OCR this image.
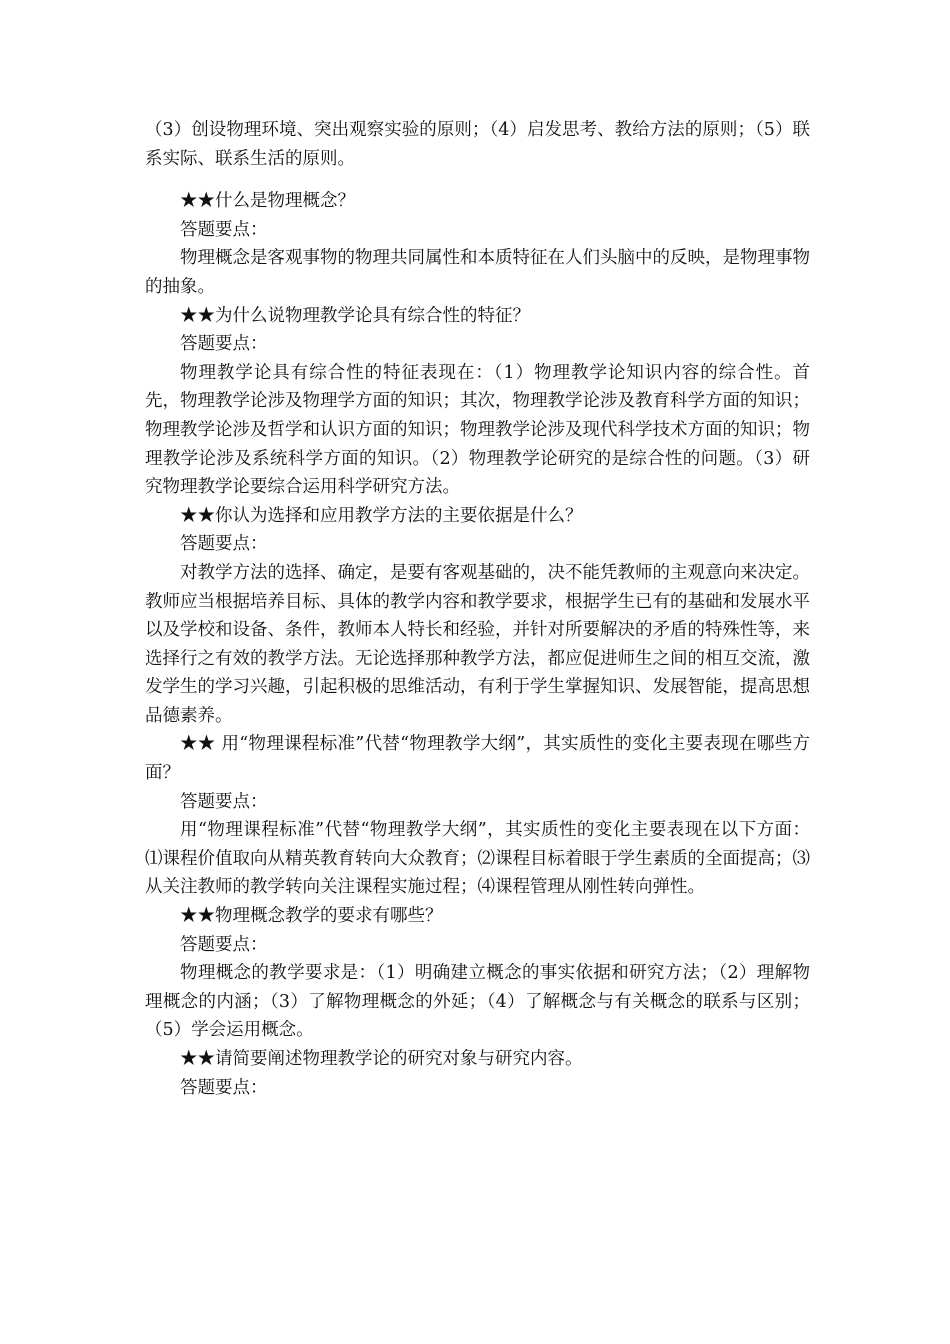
（3）创设物理环境、突出观察实验的原则；（4）启发思考、教给方法的原则；（5）联系实际、联系生活的原则。

★★什么是物理概念？

答题要点：

物理概念是客观事物的物理共同属性和本质特征在人们头脑中的反映，是物理事物的抽象。

★★为什么说物理教学论具有综合性的特征？

答题要点：

物理教学论具有综合性的特征表现在：（1）物理教学论知识内容的综合性。首先，物理教学论涉及物理学方面的知识；其次，物理教学论涉及教育科学方面的知识；物理教学论涉及哲学和认识方面的知识；物理教学论涉及现代科学技术方面的知识；物理教学论涉及系统科学方面的知识。（2）物理教学论研究的是综合性的问题。（3）研究物理教学论要综合运用科学研究方法。

★★你认为选择和应用教学方法的主要依据是什么？

答题要点：

对教学方法的选择、确定，是要有客观基础的，决不能凭教师的主观意向来决定。教师应当根据培养目标、具体的教学内容和教学要求，根据学生已有的基础和发展水平以及学校和设备、条件，教师本人特长和经验，并针对所要解决的矛盾的特殊性等，来选择行之有效的教学方法。无论选择那种教学方法，都应促进师生之间的相互交流，激发学生的学习兴趣，引起积极的思维活动，有利于学生掌握知识、发展智能，提高思想品德素养。

★★ 用“物理课程标准”代替“物理教学大纲”，其实质性的变化主要表现在哪些方面？

答题要点：

用“物理课程标准”代替“物理教学大纲”，其实质性的变化主要表现在以下方面：⑴课程价值取向从精英教育转向大众教育；⑵课程目标着眼于学生素质的全面提高；⑶从关注教师的教学转向关注课程实施过程；⑷课程管理从刚性转向弹性。

★★物理概念教学的要求有哪些？

答题要点：

物理概念的教学要求是：（1）明确建立概念的事实依据和研究方法；（2）理解物理概念的内涵；（3）了解物理概念的外延；（4）了解概念与有关概念的联系与区别；（5）学会运用概念。

★★请简要阐述物理教学论的研究对象与研究内容。

答题要点：
